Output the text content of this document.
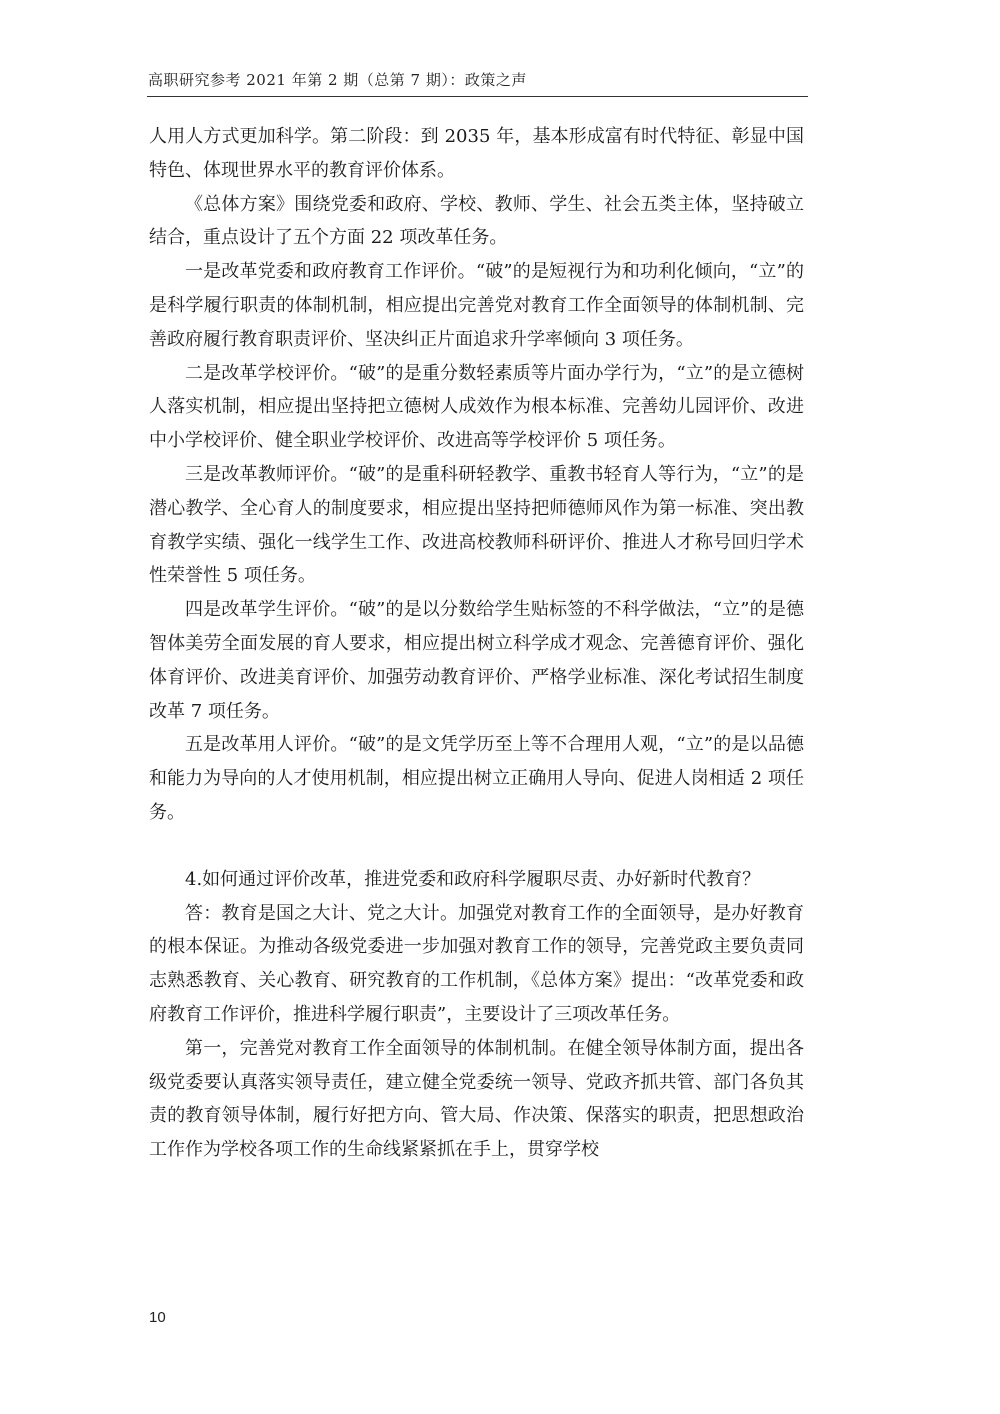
高职研究参考 2021 年第 2 期（总第 7 期）：政策之声

人用人方式更加科学。第二阶段：到 2035 年，基本形成富有时代特征、彰显中国特色、体现世界水平的教育评价体系。

《总体方案》围绕党委和政府、学校、教师、学生、社会五类主体，坚持破立结合，重点设计了五个方面 22 项改革任务。

一是改革党委和政府教育工作评价。“破”的是短视行为和功利化倾向，“立”的是科学履行职责的体制机制，相应提出完善党对教育工作全面领导的体制机制、完善政府履行教育职责评价、坚决纠正片面追求升学率倾向 3 项任务。

二是改革学校评价。“破”的是重分数轻素质等片面办学行为，“立”的是立德树人落实机制，相应提出坚持把立德树人成效作为根本标准、完善幼儿园评价、改进中小学校评价、健全职业学校评价、改进高等学校评价 5 项任务。

三是改革教师评价。“破”的是重科研轻教学、重教书轻育人等行为，“立”的是潜心教学、全心育人的制度要求，相应提出坚持把师德师风作为第一标准、突出教育教学实绩、强化一线学生工作、改进高校教师科研评价、推进人才称号回归学术性荣誉性 5 项任务。

四是改革学生评价。“破”的是以分数给学生贴标签的不科学做法，“立”的是德智体美劳全面发展的育人要求，相应提出树立科学成才观念、完善德育评价、强化体育评价、改进美育评价、加强劳动教育评价、严格学业标准、深化考试招生制度改革 7 项任务。

五是改革用人评价。“破”的是文凭学历至上等不合理用人观，“立”的是以品德和能力为导向的人才使用机制，相应提出树立正确用人导向、促进人岗相适 2 项任务。

4.如何通过评价改革，推进党委和政府科学履职尽责、办好新时代教育？

答：教育是国之大计、党之大计。加强党对教育工作的全面领导，是办好教育的根本保证。为推动各级党委进一步加强对教育工作的领导，完善党政主要负责同志熟悉教育、关心教育、研究教育的工作机制，《总体方案》提出：“改革党委和政府教育工作评价，推进科学履行职责”，主要设计了三项改革任务。

第一，完善党对教育工作全面领导的体制机制。在健全领导体制方面，提出各级党委要认真落实领导责任，建立健全党委统一领导、党政齐抓共管、部门各负其责的教育领导体制，履行好把方向、管大局、作决策、保落实的职责，把思想政治工作作为学校各项工作的生命线紧紧抓在手上，贯穿学校

10
